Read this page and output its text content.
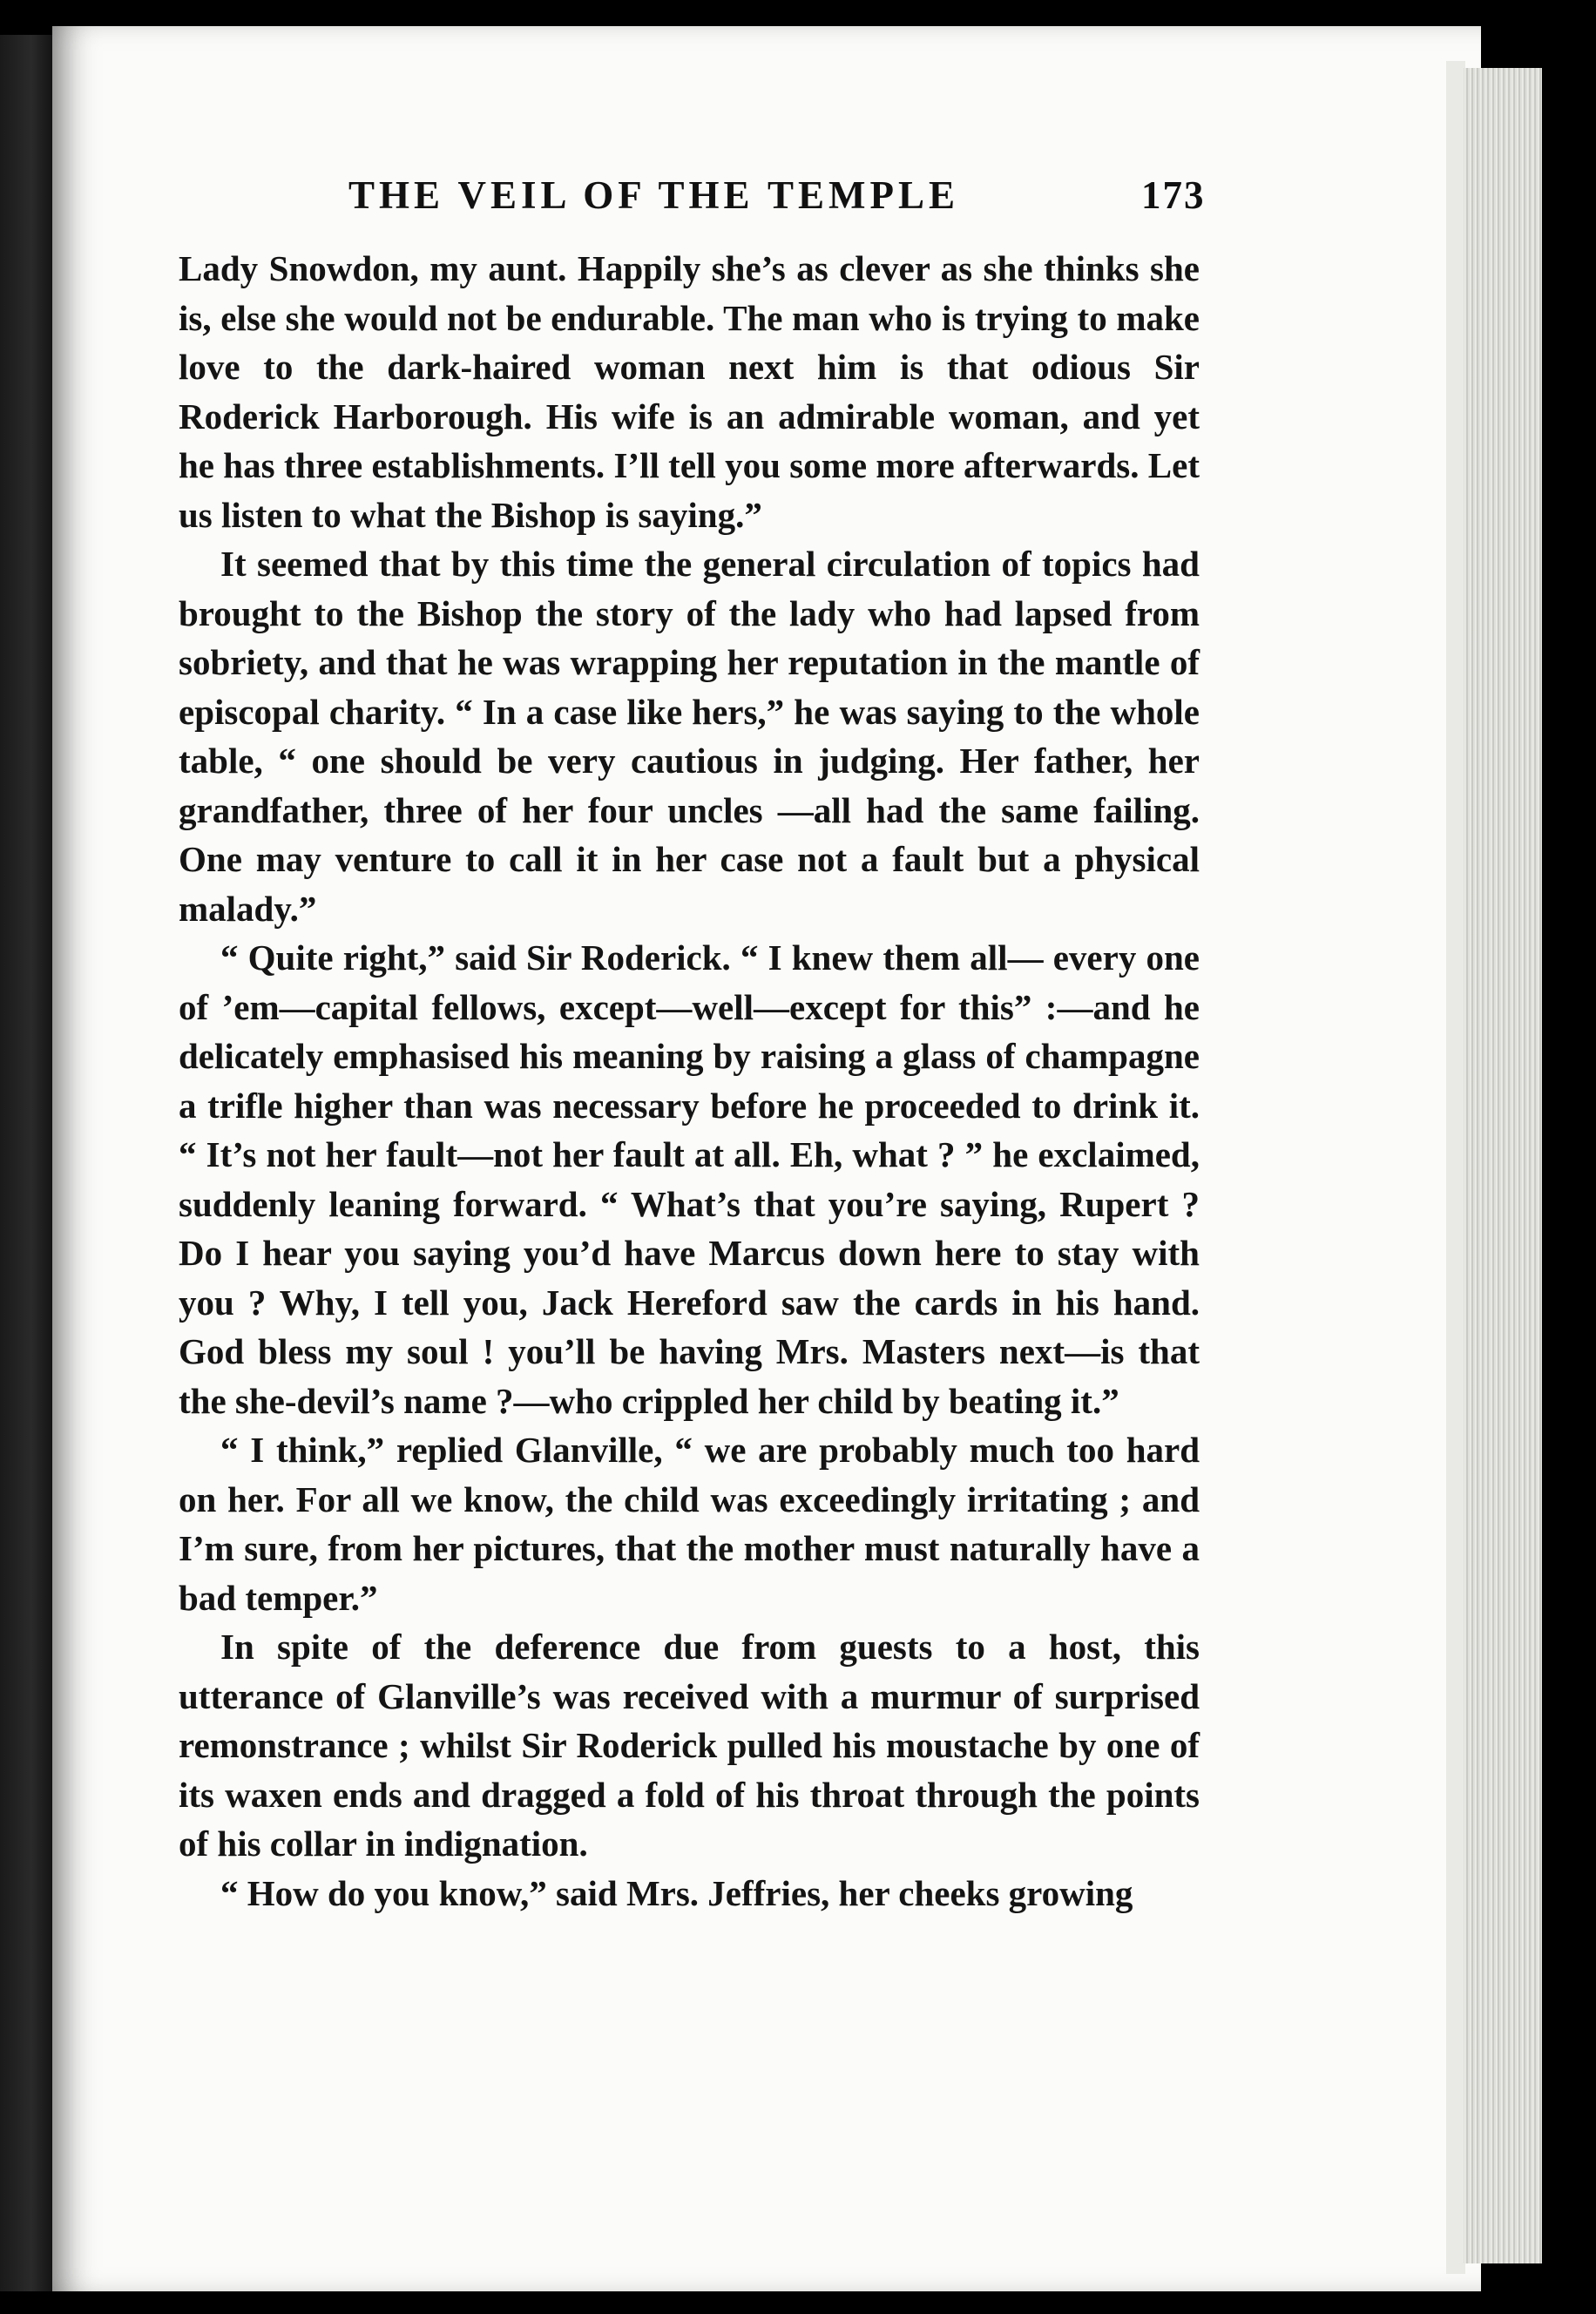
THE VEIL OF THE TEMPLE	173

Lady Snowdon, my aunt. Happily she’s as clever as she thinks she is, else she would not be endurable. The man who is trying to make love to the dark-haired woman next him is that odious Sir Roderick Harborough. His wife is an admirable woman, and yet he has three establishments. I’ll tell you some more afterwards. Let us listen to what the Bishop is saying.”

It seemed that by this time the general circulation of topics had brought to the Bishop the story of the lady who had lapsed from sobriety, and that he was wrapping her reputation in the mantle of episcopal charity. “ In a case like hers,” he was saying to the whole table, “ one should be very cautious in judging. Her father, her grandfather, three of her four uncles —all had the same failing. One may venture to call it in her case not a fault but a physical malady.”

“ Quite right,” said Sir Roderick. “ I knew them all— every one of ’em—capital fellows, except—well—except for this” :—and he delicately emphasised his meaning by raising a glass of champagne a trifle higher than was necessary before he proceeded to drink it. “ It’s not her fault—not her fault at all. Eh, what ? ” he exclaimed, suddenly leaning forward. “ What’s that you’re saying, Rupert ? Do I hear you saying you’d have Marcus down here to stay with you ? Why, I tell you, Jack Hereford saw the cards in his hand. God bless my soul ! you’ll be having Mrs. Masters next—is that the she-devil’s name ?—who crippled her child by beating it.”

“ I think,” replied Glanville, “ we are probably much too hard on her. For all we know, the child was exceedingly irritating ; and I’m sure, from her pictures, that the mother must naturally have a bad temper.”

In spite of the deference due from guests to a host, this utterance of Glanville’s was received with a murmur of surprised remonstrance ; whilst Sir Roderick pulled his moustache by one of its waxen ends and dragged a fold of his throat through the points of his collar in indignation.

“ How do you know,” said Mrs. Jeffries, her cheeks growing
